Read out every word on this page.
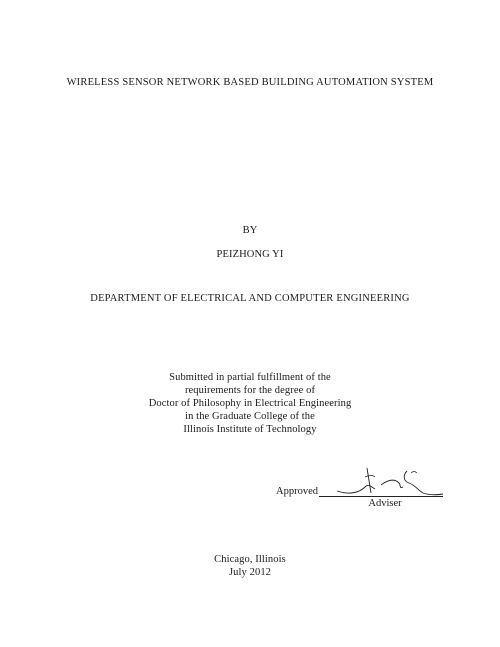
WIRELESS SENSOR NETWORK BASED BUILDING AUTOMATION SYSTEM
BY
PEIZHONG YI
DEPARTMENT OF ELECTRICAL AND COMPUTER ENGINEERING
Submitted in partial fulfillment of the
requirements for the degree of
Doctor of Philosophy in Electrical Engineering
in the Graduate College of the
Illinois Institute of Technology
Approved
Adviser
Chicago, Illinois
July 2012
